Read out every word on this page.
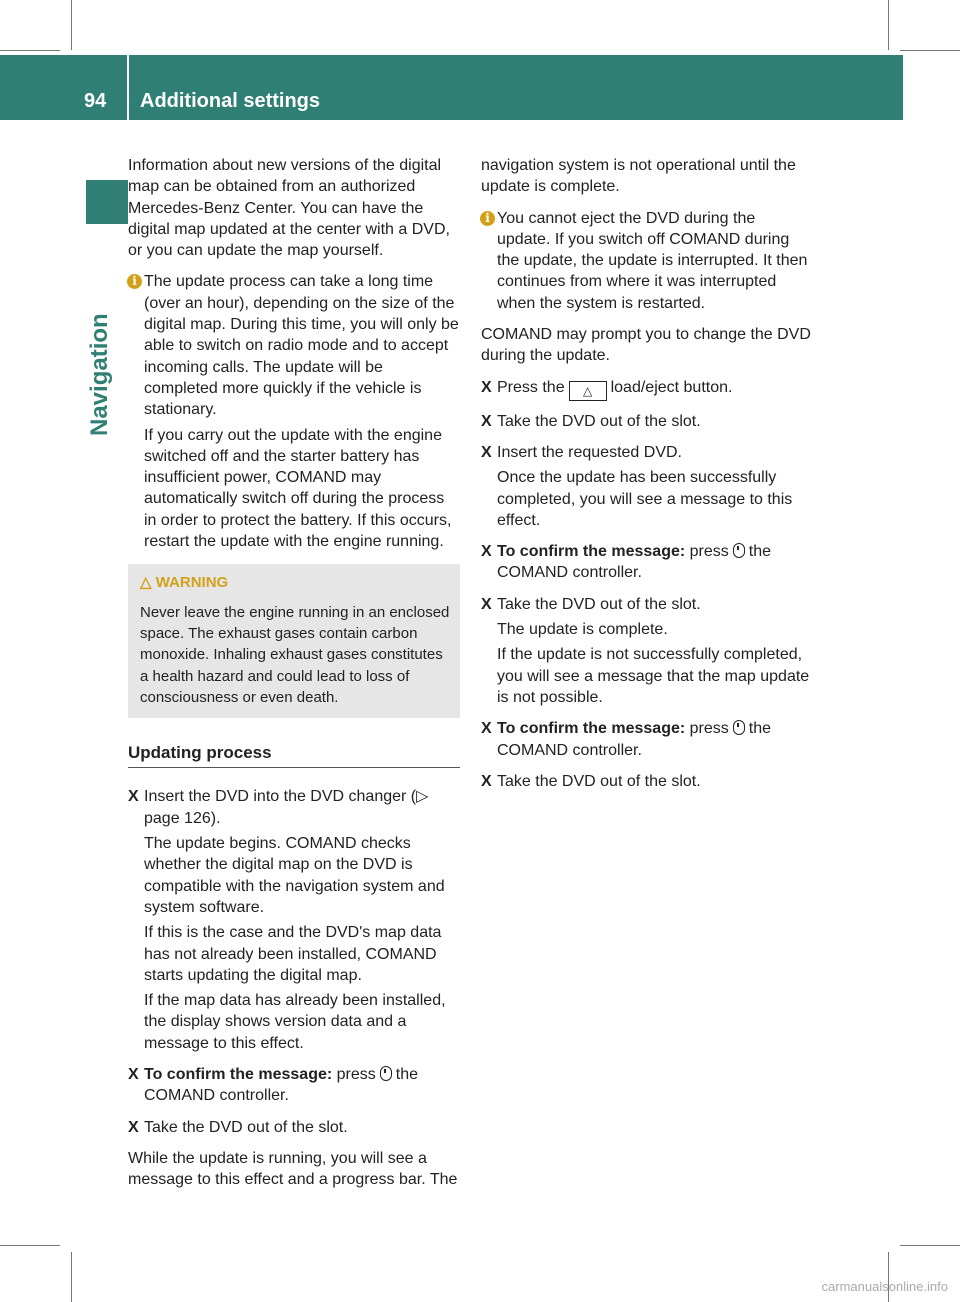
94 Additional settings
Navigation

Information about new versions of the digital map can be obtained from an authorized Mercedes-Benz Center. You can have the digital map updated at the center with a DVD, or you can update the map yourself.

i The update process can take a long time (over an hour), depending on the size of the digital map. During this time, you will only be able to switch on radio mode and to accept incoming calls. The update will be completed more quickly if the vehicle is stationary.

If you carry out the update with the engine switched off and the starter battery has insufficient power, COMAND may automatically switch off during the process in order to protect the battery. If this occurs, restart the update with the engine running.

△ WARNING
Never leave the engine running in an enclosed space. The exhaust gases contain carbon monoxide. Inhaling exhaust gases constitutes a health hazard and could lead to loss of consciousness or even death.
Updating process
X Insert the DVD into the DVD changer (▷ page 126).

The update begins. COMAND checks whether the digital map on the DVD is compatible with the navigation system and system software.

If this is the case and the DVD's map data has not already been installed, COMAND starts updating the digital map.

If the map data has already been installed, the display shows version data and a message to this effect.

X To confirm the message: press the COMAND controller.

X Take the DVD out of the slot.

While the update is running, you will see a message to this effect and a progress bar. The

navigation system is not operational until the update is complete.

i You cannot eject the DVD during the update. If you switch off COMAND during the update, the update is interrupted. It then continues from where it was interrupted when the system is restarted.

COMAND may prompt you to change the DVD during the update.

X Press the △ load/eject button.

X Take the DVD out of the slot.

X Insert the requested DVD.

Once the update has been successfully completed, you will see a message to this effect.

X To confirm the message: press the COMAND controller.

X Take the DVD out of the slot.

The update is complete.

If the update is not successfully completed, you will see a message that the map update is not possible.

X To confirm the message: press the COMAND controller.

X Take the DVD out of the slot.

carmanualsonline.info
